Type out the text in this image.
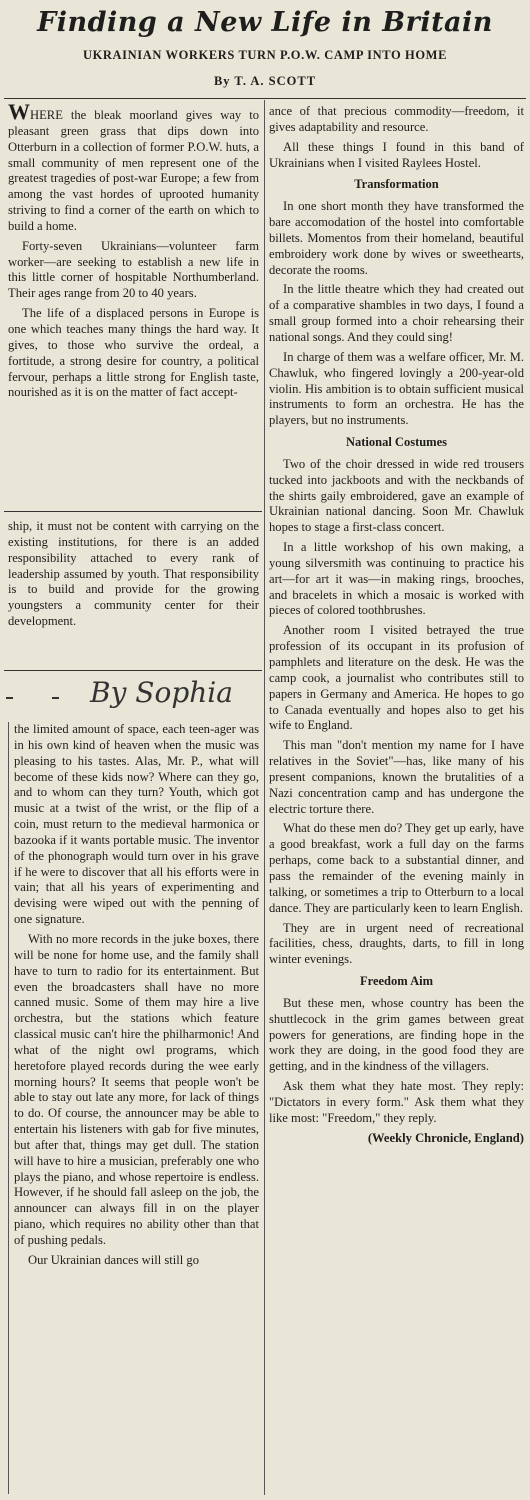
Finding a New Life in Britain
UKRAINIAN WORKERS TURN P.O.W. CAMP INTO HOME
By T. A. SCOTT

WHERE the bleak moorland gives way to pleasant green grass that dips down into Otterburn in a collection of former P.O.W. huts, a small community of men represent one of the greatest tragedies of post-war Europe; a few from among the vast hordes of uprooted humanity striving to find a corner of the earth on which to build a home.

Forty-seven Ukrainians—volunteer farm worker—are seeking to establish a new life in this little corner of hospitable Northumberland. Their ages range from 20 to 40 years.

The life of a displaced persons in Europe is one which teaches many things the hard way. It gives, to those who survive the ordeal, a fortitude, a strong desire for country, a political fervour, perhaps a little strong for English taste, nourished as it is on the matter of fact accept-

ship, it must not be content with carrying on the existing institutions, for there is an added responsibility attached to every rank of leadership assumed by youth. That responsibility is to build and provide for the growing youngsters a community center for their development.

By Sophia

the limited amount of space, each teen-ager was in his own kind of heaven when the music was pleasing to his tastes. Alas, Mr. P., what will become of these kids now? Where can they go, and to whom can they turn? Youth, which got music at a twist of the wrist, or the flip of a coin, must return to the medieval harmonica or bazooka if it wants portable music. The inventor of the phonograph would turn over in his grave if he were to discover that all his efforts were in vain; that all his years of experimenting and devising were wiped out with the penning of one signature.

With no more records in the juke boxes, there will be none for home use, and the family shall have to turn to radio for its entertainment. But even the broadcasters shall have no more canned music. Some of them may hire a live orchestra, but the stations which feature classical music can't hire the philharmonic! And what of the night owl programs, which heretofore played records during the wee early morning hours? It seems that people won't be able to stay out late any more, for lack of things to do. Of course, the announcer may be able to entertain his listeners with gab for five minutes, but after that, things may get dull. The station will have to hire a musician, preferably one who plays the piano, and whose repertoire is endless. However, if he should fall asleep on the job, the announcer can always fill in on the player piano, which requires no ability other than that of pushing pedals.

Our Ukrainian dances will still go

ance of that precious commodity—freedom, it gives adaptability and resource.

All these things I found in this band of Ukrainians when I visited Raylees Hostel.

Transformation

In one short month they have transformed the bare accomodation of the hostel into comfortable billets. Momentos from their homeland, beautiful embroidery work done by wives or sweethearts, decorate the rooms.

In the little theatre which they had created out of a comparative shambles in two days, I found a small group formed into a choir rehearsing their national songs. And they could sing!

In charge of them was a welfare officer, Mr. M. Chawluk, who fingered lovingly a 200-year-old violin. His ambition is to obtain sufficient musical instruments to form an orchestra. He has the players, but no instruments.

National Costumes

Two of the choir dressed in wide red trousers tucked into jackboots and with the neckbands of the shirts gaily embroidered, gave an example of Ukrainian national dancing. Soon Mr. Chawluk hopes to stage a first-class concert.

In a little workshop of his own making, a young silversmith was continuing to practice his art—for art it was—in making rings, brooches, and bracelets in which a mosaic is worked with pieces of colored toothbrushes.

Another room I visited betrayed the true profession of its occupant in its profusion of pamphlets and literature on the desk. He was the camp cook, a journalist who contributes still to papers in Germany and America. He hopes to go to Canada eventually and hopes also to get his wife to England.

This man "don't mention my name for I have relatives in the Soviet"—has, like many of his present companions, known the brutalities of a Nazi concentration camp and has undergone the electric torture there.

What do these men do? They get up early, have a good breakfast, work a full day on the farms perhaps, come back to a substantial dinner, and pass the remainder of the evening mainly in talking, or sometimes a trip to Otterburn to a local dance. They are particularly keen to learn English.

They are in urgent need of recreational facilities, chess, draughts, darts, to fill in long winter evenings.

Freedom Aim

But these men, whose country has been the shuttlecock in the grim games between great powers for generations, are finding hope in the work they are doing, in the good food they are getting, and in the kindness of the villagers.

Ask them what they hate most. They reply: "Dictators in every form." Ask them what they like most: "Freedom," they reply.

(Weekly Chronicle, England)
